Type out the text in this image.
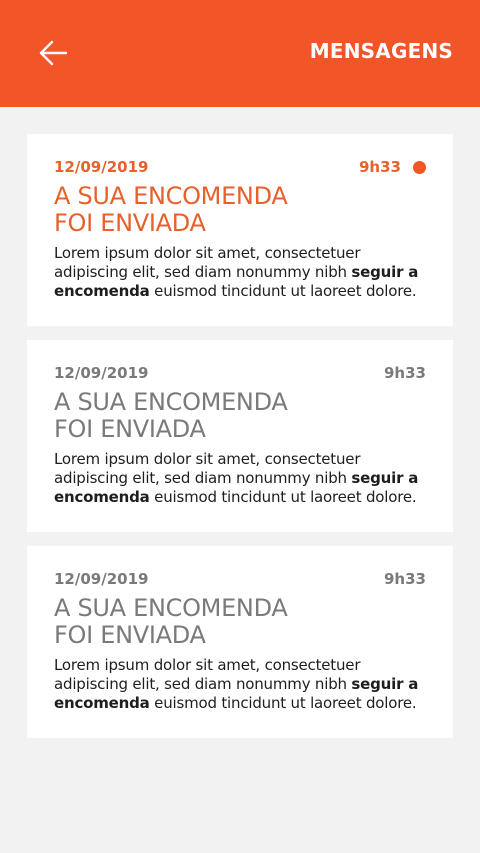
MENSAGENS
12/09/2019	9h33
A SUA ENCOMENDA
FOI ENVIADA
Lorem ipsum dolor sit amet, consectetuer adipiscing elit, sed diam nonummy nibh seguir a encomenda euismod tincidunt ut laoreet dolore.
12/09/2019	9h33
A SUA ENCOMENDA
FOI ENVIADA
Lorem ipsum dolor sit amet, consectetuer adipiscing elit, sed diam nonummy nibh seguir a encomenda euismod tincidunt ut laoreet dolore.
12/09/2019	9h33
A SUA ENCOMENDA
FOI ENVIADA
Lorem ipsum dolor sit amet, consectetuer adipiscing elit, sed diam nonummy nibh seguir a encomenda euismod tincidunt ut laoreet dolore.
